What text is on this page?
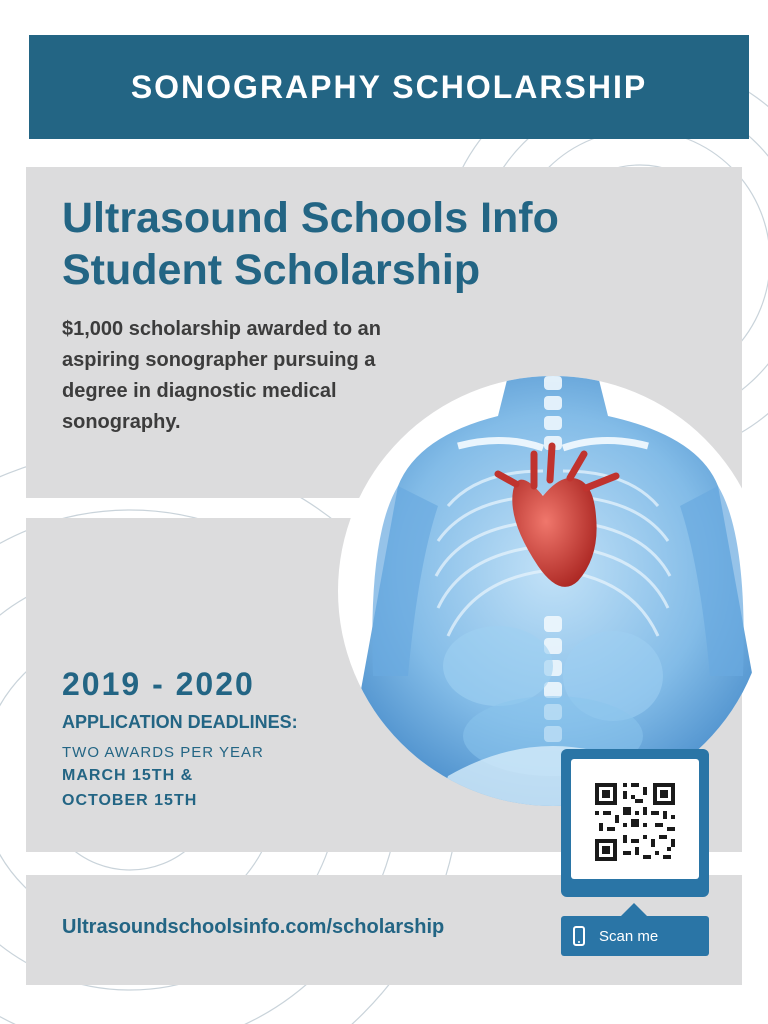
SONOGRAPHY SCHOLARSHIP
Ultrasound Schools Info
Student Scholarship
$1,000 scholarship awarded to an aspiring sonographer pursuing a degree in diagnostic medical sonography.
2019 - 2020
APPLICATION DEADLINES:
TWO AWARDS PER YEAR
MARCH 15TH &
OCTOBER 15TH
Ultrasoundschoolsinfo.com/scholarship	Scan me
